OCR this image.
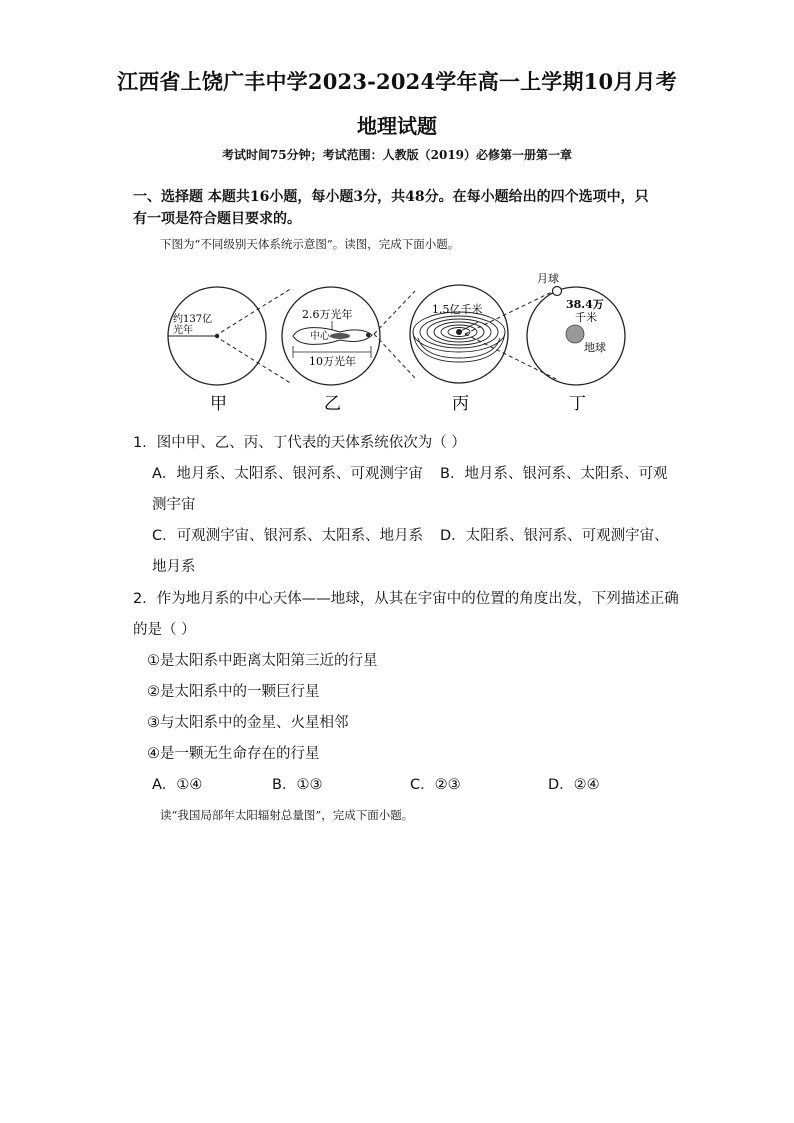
江西省上饶广丰中学2023-2024学年高一上学期10月月考
地理试题
考试时间75分钟；考试范围：人教版（2019）必修第一册第一章
一、选择题 本题共16小题，每小题3分，共48分。在每小题给出的四个选项中，只
有一项是符合题目要求的。
下图为“不同级别天体系统示意图”。读图，完成下面小题。
约137亿
光年
2.6万光年
中心
10万光年
1.5亿千米
月球
38.4万
千米
地球
甲	乙	丙	丁
1．图中甲、乙、丙、丁代表的天体系统依次为（ ）
A．地月系、太阳系、银河系、可观测宇宙 B．地月系、银河系、太阳系、可观
测宇宙
C．可观测宇宙、银河系、太阳系、地月系 D．太阳系、银河系、可观测宇宙、
地月系
2．作为地月系的中心天体——地球，从其在宇宙中的位置的角度出发，下列描述正确
的是（ ）
①是太阳系中距离太阳第三近的行星
②是太阳系中的一颗巨行星
③与太阳系中的金星、火星相邻
④是一颗无生命存在的行星
A．①④	B．①③	C．②③	D．②④
读“我国局部年太阳辐射总量图”，完成下面小题。
